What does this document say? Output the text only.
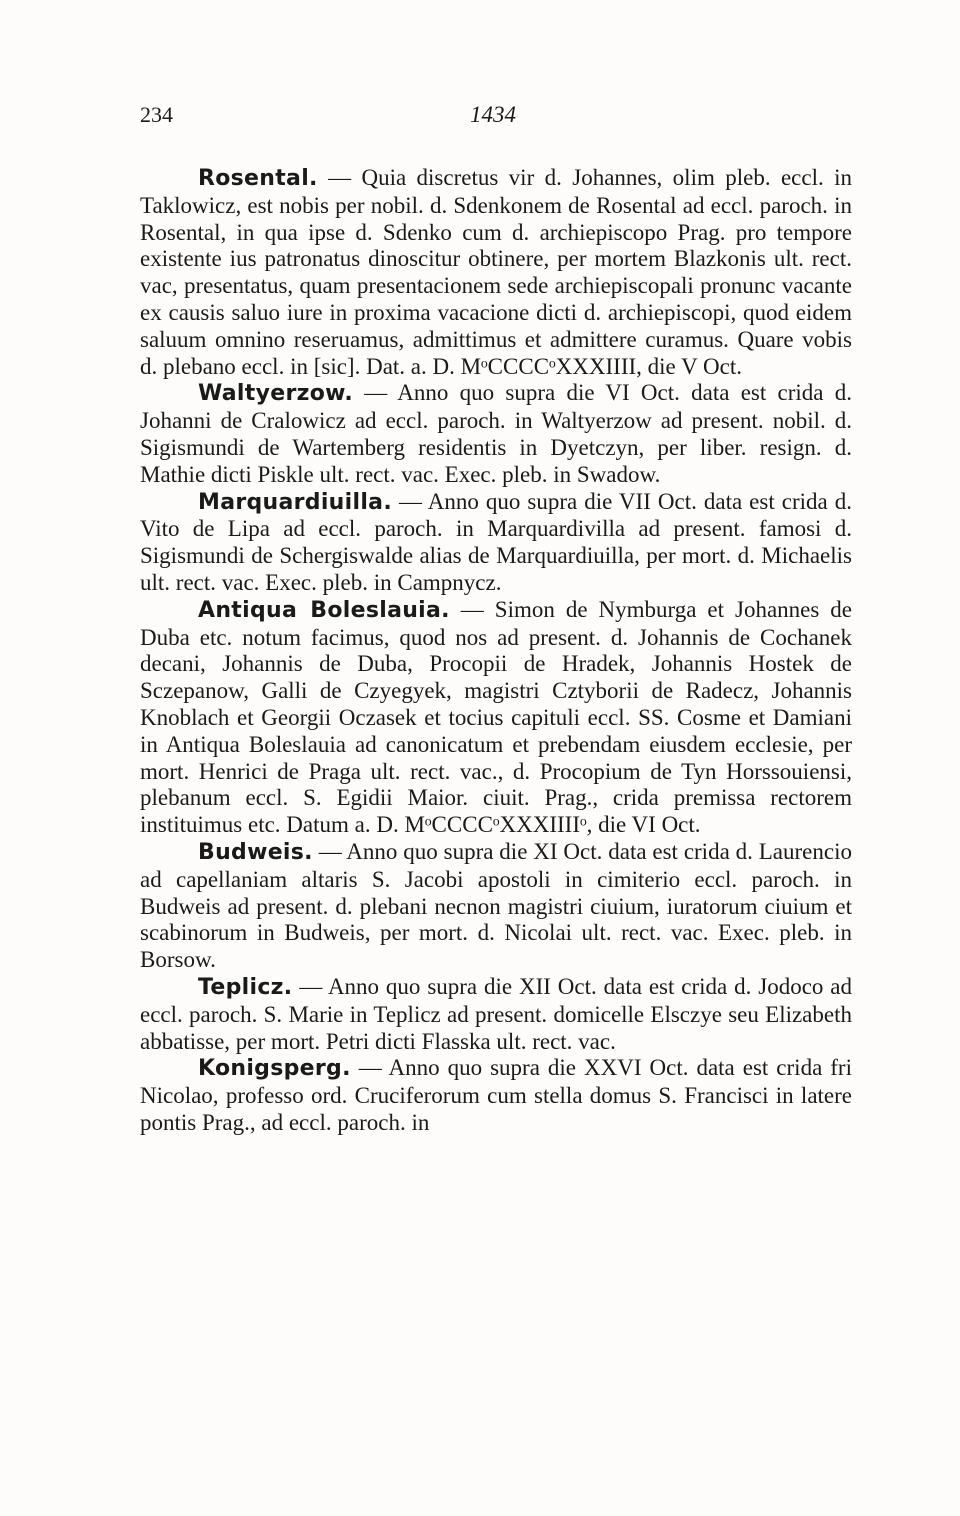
234	1434

Rosental. — Quia discretus vir d. Johannes, olim pleb. eccl. in Taklowicz, est nobis per nobil. d. Sdenkonem de Rosental ad eccl. paroch. in Rosental, in qua ipse d. Sdenko cum d. archiepiscopo Prag. pro tempore existente ius patronatus dinoscitur obtinere, per mortem Blazkonis ult. rect. vac, presentatus, quam presentacionem sede archiepiscopali pronunc vacante ex causis saluo iure in proxima vacacione dicti d. archiepiscopi, quod eidem saluum omnino reseruamus, admittimus et admittere curamus. Quare vobis d. plebano eccl. in [sic]. Dat. a. D. MᵒCCCCᵒXXXIIII, die V Oct.

Waltyerzow. — Anno quo supra die VI Oct. data est crida d. Johanni de Cralowicz ad eccl. paroch. in Waltyerzow ad present. nobil. d. Sigismundi de Wartemberg residentis in Dyetczyn, per liber. resign. d. Mathie dicti Piskle ult. rect. vac. Exec. pleb. in Swadow.

Marquardiuilla. — Anno quo supra die VII Oct. data est crida d. Vito de Lipa ad eccl. paroch. in Marquardivilla ad present. famosi d. Sigismundi de Schergiswalde alias de Marquardiuilla, per mort. d. Michaelis ult. rect. vac. Exec. pleb. in Campnycz.

Antiqua Boleslauia. — Simon de Nymburga et Johannes de Duba etc. notum facimus, quod nos ad present. d. Johannis de Cochanek decani, Johannis de Duba, Procopii de Hradek, Johannis Hostek de Sczepanow, Galli de Czyegyek, magistri Cztyborii de Radecz, Johannis Knoblach et Georgii Oczasek et tocius capituli eccl. SS. Cosme et Damiani in Antiqua Boleslauia ad canonicatum et prebendam eiusdem ecclesie, per mort. Henrici de Praga ult. rect. vac., d. Procopium de Tyn Horssouiensi, plebanum eccl. S. Egidii Maior. ciuit. Prag., crida premissa rectorem instituimus etc. Datum a. D. MᵒCCCCᵒXXXIIIIᵒ, die VI Oct.

Budweis. — Anno quo supra die XI Oct. data est crida d. Laurencio ad capellaniam altaris S. Jacobi apostoli in cimiterio eccl. paroch. in Budweis ad present. d. plebani necnon magistri ciuium, iuratorum ciuium et scabinorum in Budweis, per mort. d. Nicolai ult. rect. vac. Exec. pleb. in Borsow.

Teplicz. — Anno quo supra die XII Oct. data est crida d. Jodoco ad eccl. paroch. S. Marie in Teplicz ad present. domicelle Elsczye seu Elizabeth abbatisse, per mort. Petri dicti Flasska ult. rect. vac.

Konigsperg. — Anno quo supra die XXVI Oct. data est crida fri Nicolao, professo ord. Cruciferorum cum stella domus S. Francisci in latere pontis Prag., ad eccl. paroch. in
